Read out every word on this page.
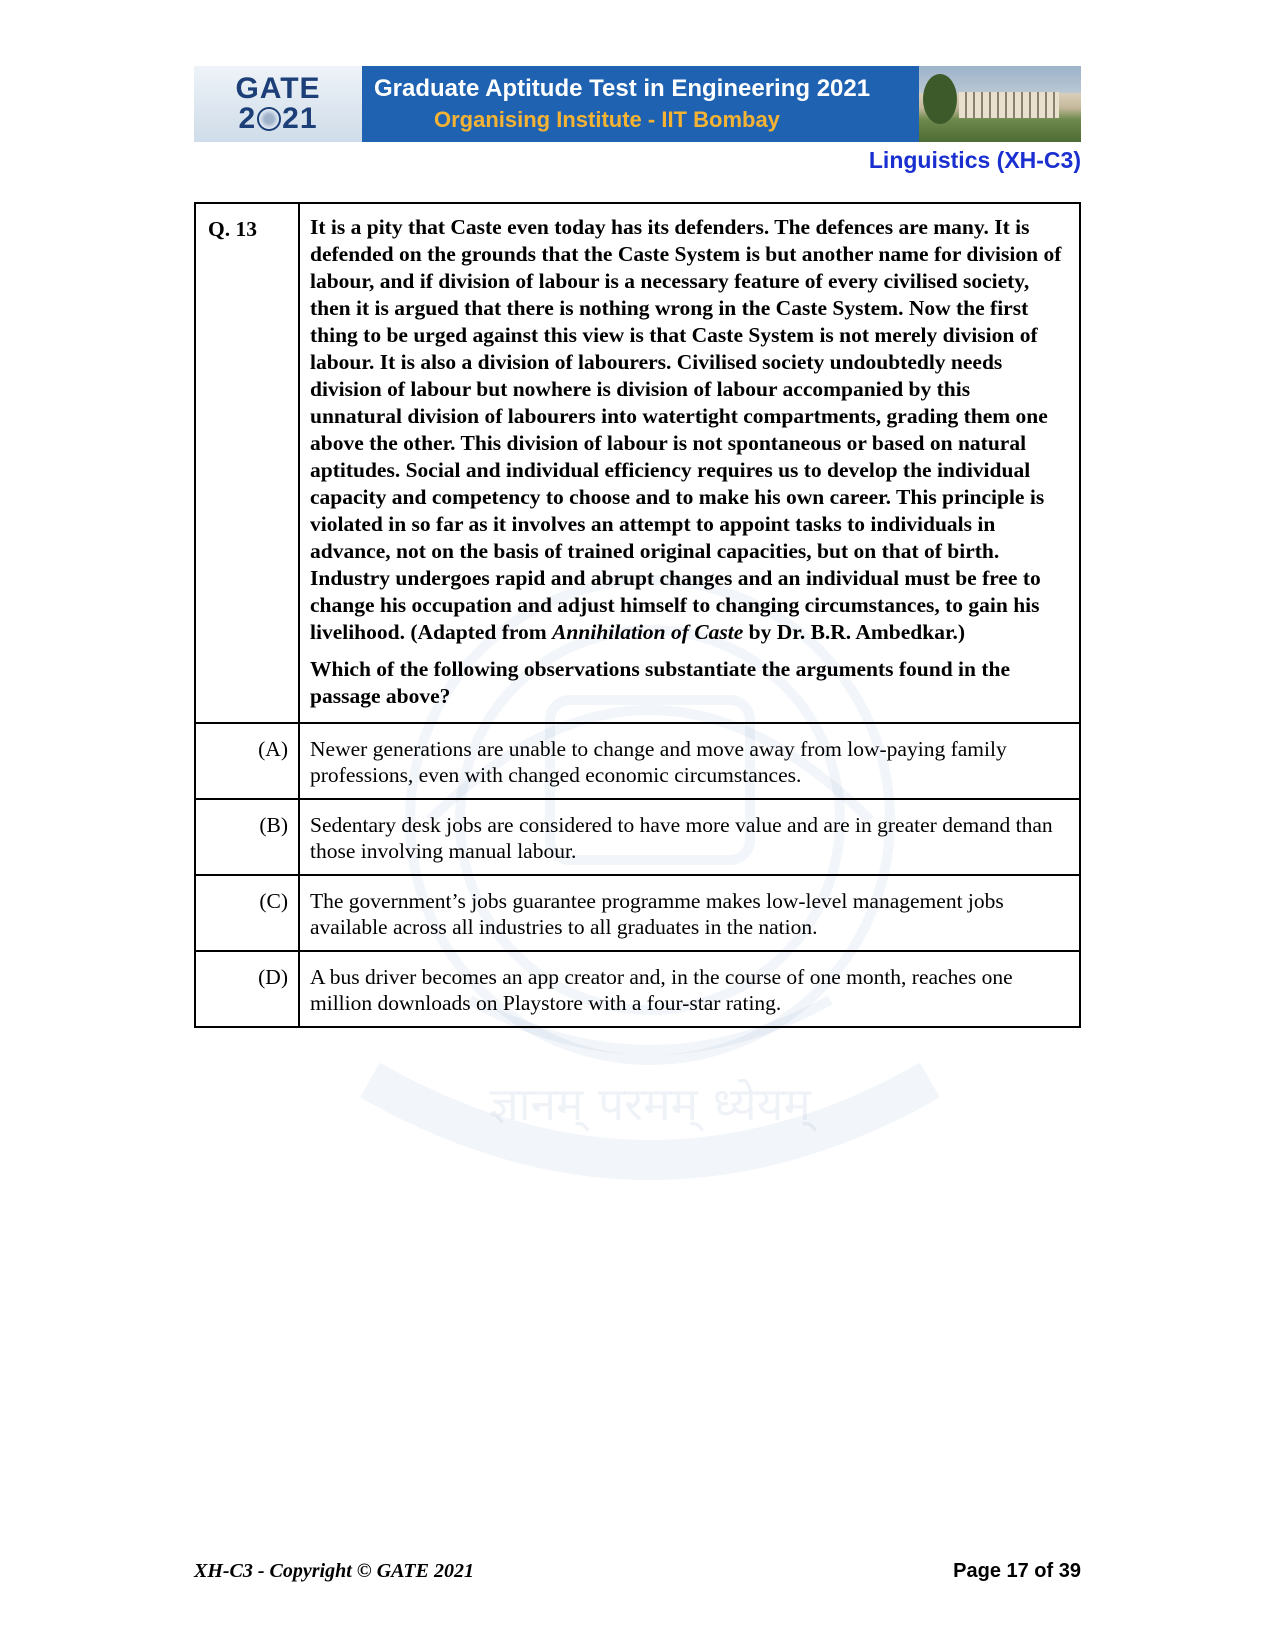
ज्ञानम् परमम् ध्येयम्
GATE
2 21
Graduate Aptitude Test in Engineering 2021
Organising Institute - IIT Bombay
Linguistics (XH-C3)
Q. 13	It is a pity that Caste even today has its defenders. The defences are many. It is defended on the grounds that the Caste System is but another name for division of labour, and if division of labour is a necessary feature of every civilised society, then it is argued that there is nothing wrong in the Caste System. Now the first thing to be urged against this view is that Caste System is not merely division of labour. It is also a division of labourers. Civilised society undoubtedly needs division of labour but nowhere is division of labour accompanied by this unnatural division of labourers into watertight compartments, grading them one above the other. This division of labour is not spontaneous or based on natural aptitudes. Social and individual efficiency requires us to develop the individual capacity and competency to choose and to make his own career. This principle is violated in so far as it involves an attempt to appoint tasks to individuals in advance, not on the basis of trained original capacities, but on that of birth. Industry undergoes rapid and abrupt changes and an individual must be free to change his occupation and adjust himself to changing circumstances, to gain his livelihood. (Adapted from Annihilation of Caste by Dr. B.R. Ambedkar.)

Which of the following observations substantiate the arguments found in the passage above?

(A)	Newer generations are unable to change and move away from low-paying family professions, even with changed economic circumstances.
(B)	Sedentary desk jobs are considered to have more value and are in greater demand than those involving manual labour.
(C)	The government’s jobs guarantee programme makes low-level management jobs available across all industries to all graduates in the nation.
(D)	A bus driver becomes an app creator and, in the course of one month, reaches one million downloads on Playstore with a four-star rating.
XH-C3 - Copyright © GATE 2021	Page 17 of 39
